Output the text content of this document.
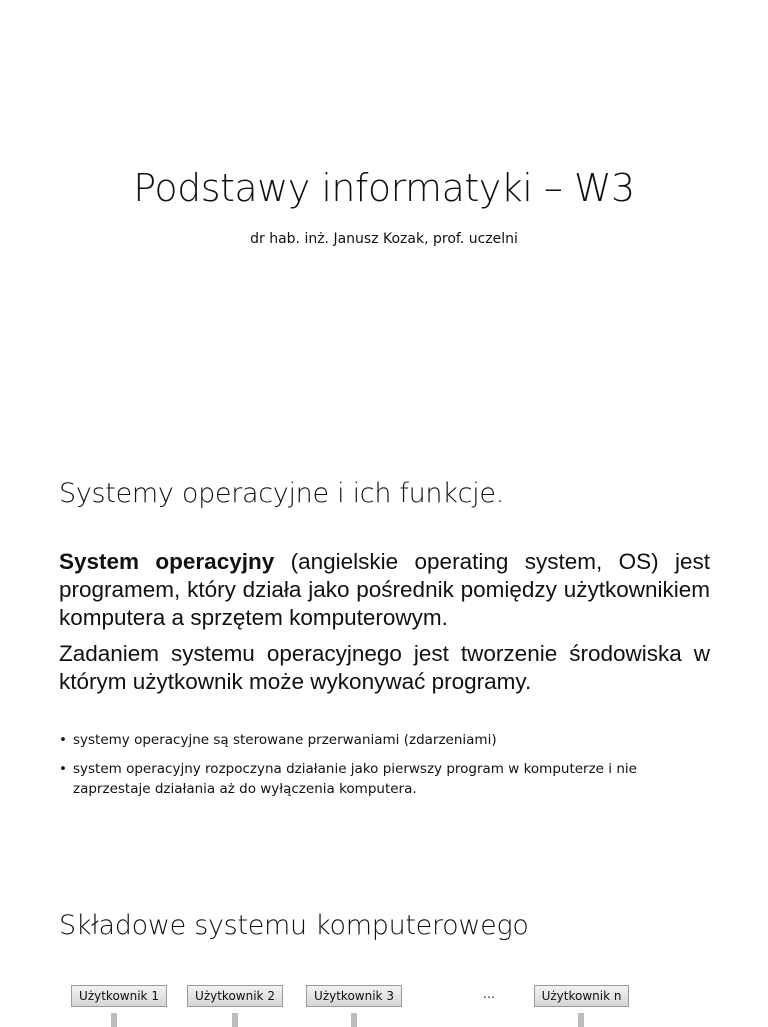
Podstawy informatyki – W3
dr hab. inż. Janusz Kozak, prof. uczelni
Systemy operacyjne i ich funkcje.
System operacyjny (angielskie operating system, OS) jest programem, który działa jako pośrednik pomiędzy użytkownikiem komputera a sprzętem komputerowym.
Zadaniem systemu operacyjnego jest tworzenie środowiska w którym użytkownik może wykonywać programy.
• systemy operacyjne są sterowane przerwaniami (zdarzeniami)
• system operacyjny rozpoczyna działanie jako pierwszy program w komputerze i nie zaprzestaje działania aż do wyłączenia komputera.
Składowe systemu komputerowego
Użytkownik 1	Użytkownik 2	Użytkownik 3	…	Użytkownik n
